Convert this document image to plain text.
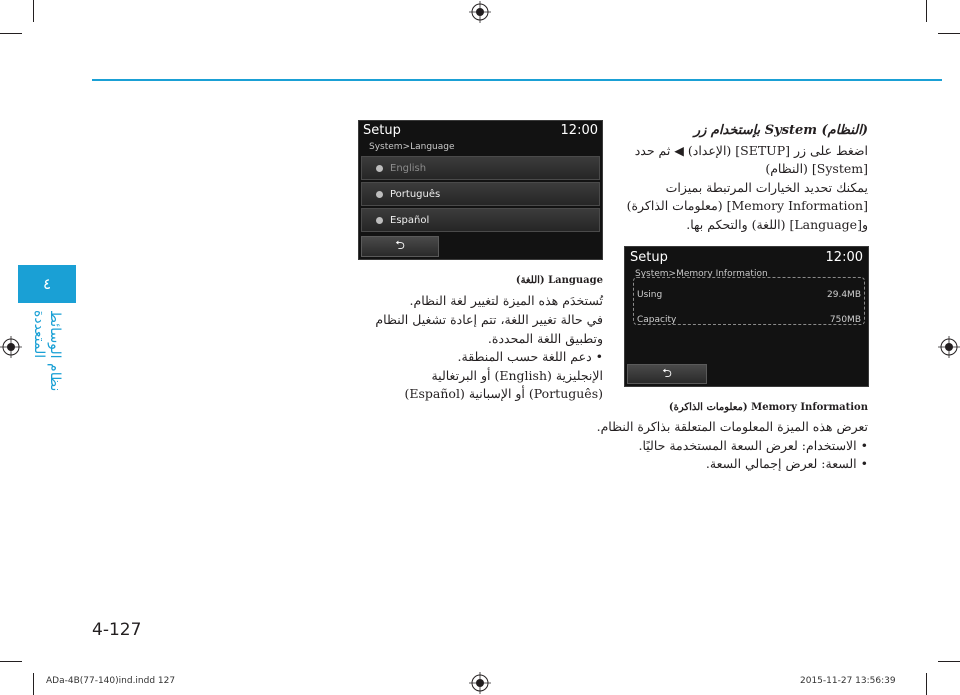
٤
نظام الوسائط المتعددة
(النظام) System بإستخدام زر
اضغط على زر [SETUP] (الإعداد) ◀ ثم حدد
[System] (النظام)
يمكنك تحديد الخيارات المرتبطة بميزات
[Memory Information] (معلومات الذاكرة)
و[Language] (اللغة) والتحكم بها.
Setup	12:00
System>Memory Information
Using	29.4MB
Capacity	750MB
⮌
Memory Information (معلومات الذاكرة)
تعرض هذه الميزة المعلومات المتعلقة بذاكرة النظام.
• الاستخدام: لعرض السعة المستخدمة حاليًا.
• السعة: لعرض إجمالي السعة.
Setup	12:00
System>Language
English
Português
Español
⮌
Language (اللغة)
تُستخدَم هذه الميزة لتغيير لغة النظام.
في حالة تغيير اللغة، تتم إعادة تشغيل النظام
وتطبيق اللغة المحددة.
• دعم اللغة حسب المنطقة.
الإنجليزية (English) أو البرتغالية
(Português) أو الإسبانية (Español)
4-127
ADa-4B(77-140)ind.indd 127	2015-11-27 13:56:39
